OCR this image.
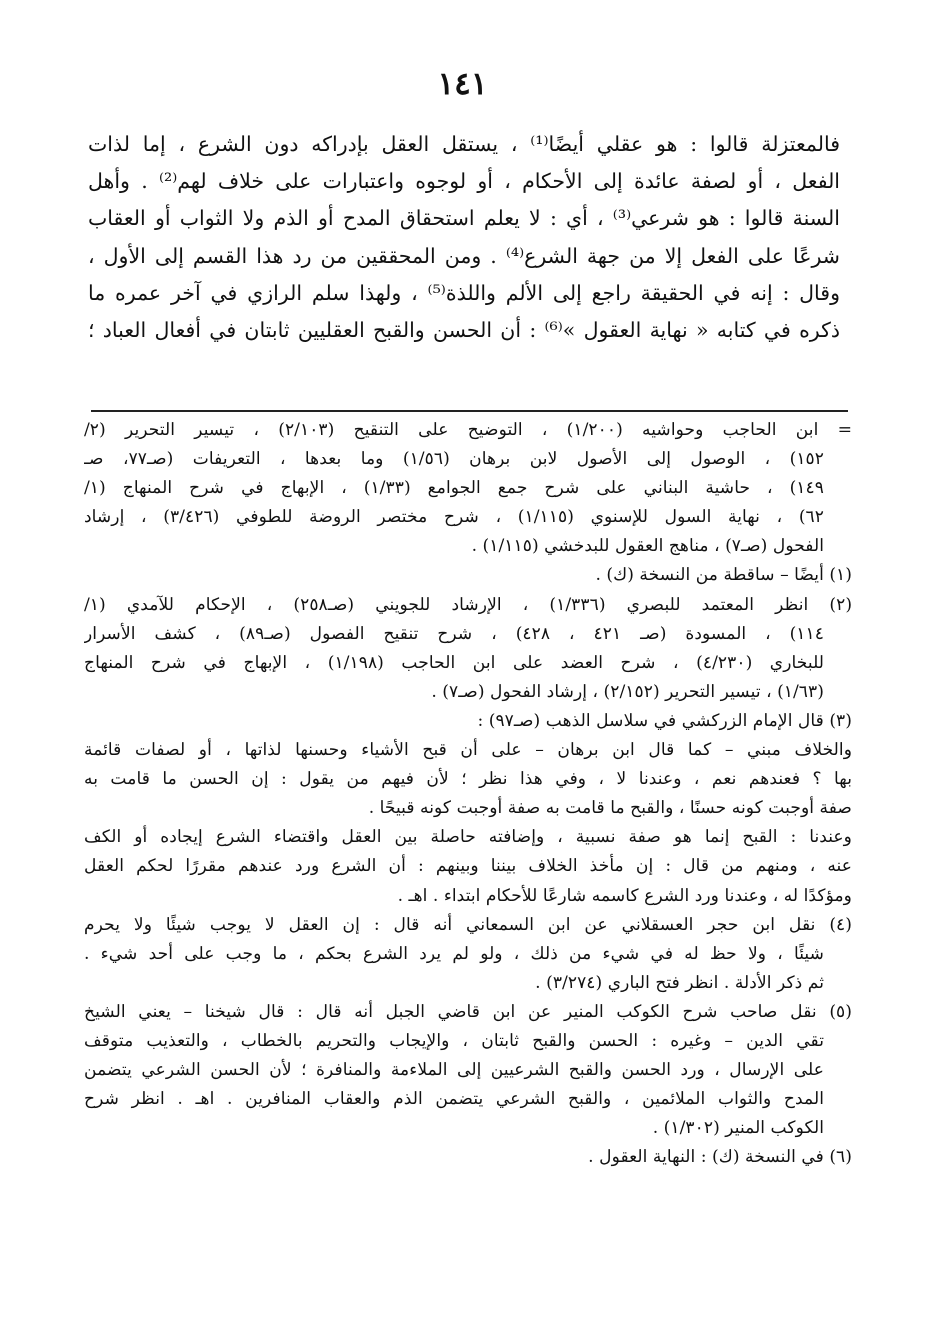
١٤١
فالمعتزلة قالوا : هو عقلي أيضًا⁽¹⁾ ، يستقل العقل بإدراكه دون الشرع ، إما لذات
الفعل ، أو لصفة عائدة إلى الأحكام ، أو لوجوه واعتبارات على خلاف لهم⁽²⁾ . وأهل
السنة قالوا : هو شرعي⁽³⁾ ، أي : لا يعلم استحقاق المدح أو الذم ولا الثواب أو العقاب
شرعًا على الفعل إلا من جهة الشرع⁽⁴⁾ . ومن المحققين من رد هذا القسم إلى الأول ،
وقال : إنه في الحقيقة راجع إلى الألم واللذة⁽⁵⁾ ، ولهذا سلم الرازي في آخر عمره ما
ذكره في كتابه « نهاية العقول »⁽⁶⁾ : أن الحسن والقبح العقليين ثابتان في أفعال العباد ؛
= ابن الحاجب وحواشيه (١/٢٠٠) ، التوضيح على التنقيح (٢/١٠٣) ، تيسير التحرير (٢/
١٥٢) ، الوصول إلى الأصول لابن برهان (١/٥٦) وما بعدها ، التعريفات (صـ٧٧، صـ
١٤٩) ، حاشية البناني على شرح جمع الجوامع (١/٣٣) ، الإبهاج في شرح المنهاج (١/
٦٢) ، نهاية السول للإسنوي (١/١١٥) ، شرح مختصر الروضة للطوفي (٣/٤٢٦) ، إرشاد
الفحول (صـ٧) ، مناهج العقول للبدخشي (١/١١٥) .
(١) أيضًا – ساقطة من النسخة (ك) .
(٢) انظر المعتمد للبصري (١/٣٣٦) ، الإرشاد للجويني (صـ٢٥٨) ، الإحكام للآمدي (١/
١١٤) ، المسودة (صـ ٤٢١ ، ٤٢٨) ، شرح تنقيح الفصول (صـ٨٩) ، كشف الأسرار
للبخاري (٤/٢٣٠) ، شرح العضد على ابن الحاجب (١/١٩٨) ، الإبهاج في شرح المنهاج
(١/٦٣) ، تيسير التحرير (٢/١٥٢) ، إرشاد الفحول (صـ٧) .
(٣) قال الإمام الزركشي في سلاسل الذهب (صـ٩٧) :
والخلاف مبني – كما قال ابن برهان – على أن قبح الأشياء وحسنها لذاتها ، أو لصفات قائمة
بها ؟ فعندهم نعم ، وعندنا لا ، وفي هذا نظر ؛ لأن فيهم من يقول : إن الحسن ما قامت به
صفة أوجبت كونه حسنًا ، والقبح ما قامت به صفة أوجبت كونه قبيحًا .
وعندنا : القبح إنما هو صفة نسبية ، وإضافته حاصلة بين العقل واقتضاء الشرع إيجاده أو الكف
عنه ، ومنهم من قال : إن مأخذ الخلاف بيننا وبينهم : أن الشرع ورد عندهم مقررًا لحكم العقل
ومؤكدًا له ، وعندنا ورد الشرع كاسمه شارعًا للأحكام ابتداء . اهـ .
(٤) نقل ابن حجر العسقلاني عن ابن السمعاني أنه قال : إن العقل لا يوجب شيئًا ولا يحرم
شيئًا ، ولا حظ له في شيء من ذلك ، ولو لم يرد الشرع بحكم ، ما وجب على أحد شيء .
ثم ذكر الأدلة . انظر فتح الباري (٣/٢٧٤) .
(٥) نقل صاحب شرح الكوكب المنير عن ابن قاضي الجبل أنه قال : قال شيخنا – يعني الشيخ
تقي الدين – وغيره : الحسن والقبح ثابتان ، والإيجاب والتحريم بالخطاب ، والتعذيب متوقف
على الإرسال ، ورد الحسن والقبح الشرعيين إلى الملاءمة والمنافرة ؛ لأن الحسن الشرعي يتضمن
المدح والثواب الملائمين ، والقبح الشرعي يتضمن الذم والعقاب المنافرين . اهـ . انظر شرح
الكوكب المنير (١/٣٠٢) .
(٦) في النسخة (ك) : النهاية العقول .
